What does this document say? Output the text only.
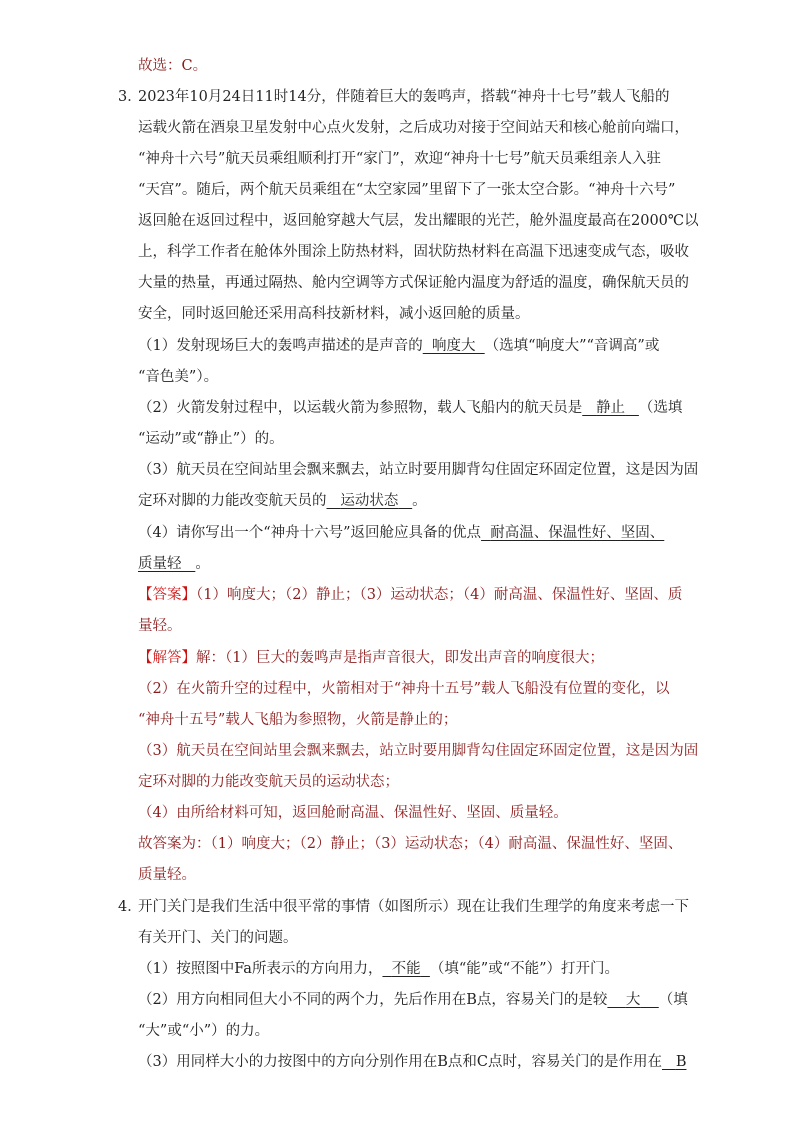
故选：C。
3．
2023年10月24日11时14分，伴随着巨大的轰鸣声，搭载“神舟十七号”载人飞船的
运载火箭在酒泉卫星发射中心点火发射，之后成功对接于空间站天和核心舱前向端口，
“神舟十六号”航天员乘组顺利打开“家门”，欢迎“神舟十七号”航天员乘组亲人入驻
“天宫”。随后，两个航天员乘组在“太空家园”里留下了一张太空合影。“神舟十六号”
返回舱在返回过程中，返回舱穿越大气层，发出耀眼的光芒，舱外温度最高在2000℃以
上，科学工作者在舱体外围涂上防热材料，固状防热材料在高温下迅速变成气态，吸收
大量的热量，再通过隔热、舱内空调等方式保证舱内温度为舒适的温度，确保航天员的
安全，同时返回舱还采用高科技新材料，减小返回舱的质量。
（1）发射现场巨大的轰鸣声描述的是声音的 响度大 （选填“响度大”“音调高”或
“音色美”）。
（2）火箭发射过程中，以运载火箭为参照物，载人飞船内的航天员是 静止 （选填
“运动”或“静止”）的。
（3）航天员在空间站里会飘来飘去，站立时要用脚背勾住固定环固定位置，这是因为固
定环对脚的力能改变航天员的 运动状态 。
（4）请你写出一个“神舟十六号”返回舱应具备的优点 耐高温、保温性好、坚固、
质量轻 。
【答案】（1）响度大；（2）静止；（3）运动状态；（4）耐高温、保温性好、坚固、质
量轻。
【解答】解：（1）巨大的轰鸣声是指声音很大，即发出声音的响度很大；
（2）在火箭升空的过程中，火箭相对于“神舟十五号”载人飞船没有位置的变化，以
“神舟十五号”载人飞船为参照物，火箭是静止的；
（3）航天员在空间站里会飘来飘去，站立时要用脚背勾住固定环固定位置，这是因为固
定环对脚的力能改变航天员的运动状态；
（4）由所给材料可知，返回舱耐高温、保温性好、坚固、质量轻。
故答案为：（1）响度大；（2）静止；（3）运动状态；（4）耐高温、保温性好、坚固、
质量轻。
4．
开门关门是我们生活中很平常的事情（如图所示）现在让我们生理学的角度来考虑一下
有关开门、关门的问题。
（1）按照图中Fa所表示的方向用力， 不能 （填“能”或“不能”）打开门。
（2）用方向相同但大小不同的两个力，先后作用在B点，容易关门的是较 大 （填
“大”或“小”）的力。
（3）用同样大小的力按图中的方向分别作用在B点和C点时，容易关门的是作用在 B
